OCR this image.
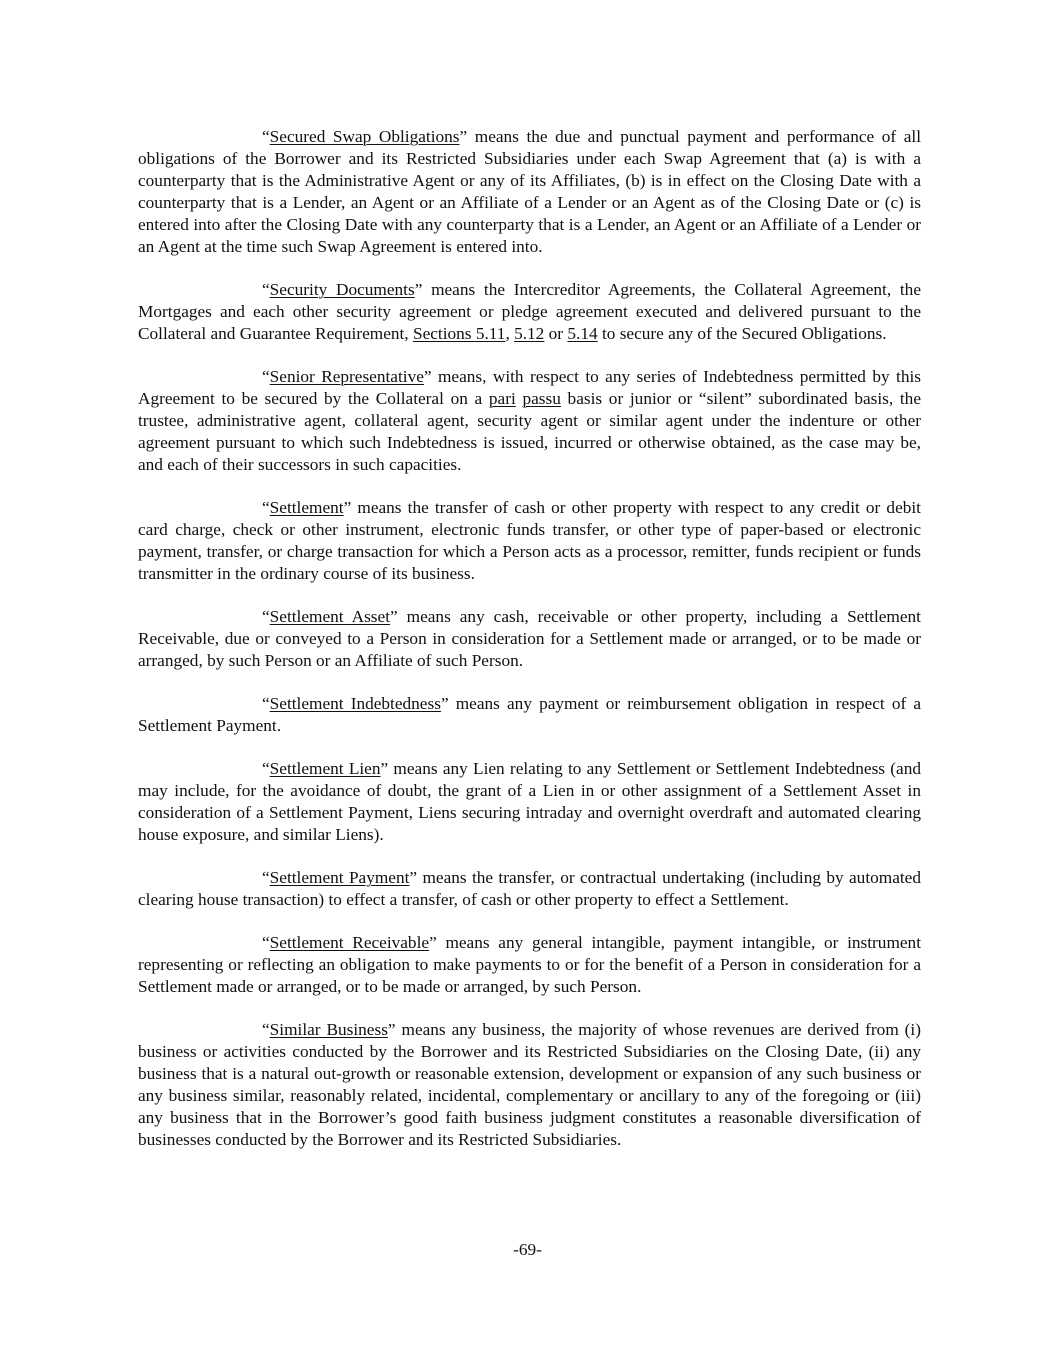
“Secured Swap Obligations” means the due and punctual payment and performance of all obligations of the Borrower and its Restricted Subsidiaries under each Swap Agreement that (a) is with a counterparty that is the Administrative Agent or any of its Affiliates, (b) is in effect on the Closing Date with a counterparty that is a Lender, an Agent or an Affiliate of a Lender or an Agent as of the Closing Date or (c) is entered into after the Closing Date with any counterparty that is a Lender, an Agent or an Affiliate of a Lender or an Agent at the time such Swap Agreement is entered into.

“Security Documents” means the Intercreditor Agreements, the Collateral Agreement, the Mortgages and each other security agreement or pledge agreement executed and delivered pursuant to the Collateral and Guarantee Requirement, Sections 5.11, 5.12 or 5.14 to secure any of the Secured Obligations.

“Senior Representative” means, with respect to any series of Indebtedness permitted by this Agreement to be secured by the Collateral on a pari passu basis or junior or “silent” subordinated basis, the trustee, administrative agent, collateral agent, security agent or similar agent under the indenture or other agreement pursuant to which such Indebtedness is issued, incurred or otherwise obtained, as the case may be, and each of their successors in such capacities.

“Settlement” means the transfer of cash or other property with respect to any credit or debit card charge, check or other instrument, electronic funds transfer, or other type of paper-based or electronic payment, transfer, or charge transaction for which a Person acts as a processor, remitter, funds recipient or funds transmitter in the ordinary course of its business.

“Settlement Asset” means any cash, receivable or other property, including a Settlement Receivable, due or conveyed to a Person in consideration for a Settlement made or arranged, or to be made or arranged, by such Person or an Affiliate of such Person.

“Settlement Indebtedness” means any payment or reimbursement obligation in respect of a Settlement Payment.

“Settlement Lien” means any Lien relating to any Settlement or Settlement Indebtedness (and may include, for the avoidance of doubt, the grant of a Lien in or other assignment of a Settlement Asset in consideration of a Settlement Payment, Liens securing intraday and overnight overdraft and automated clearing house exposure, and similar Liens).

“Settlement Payment” means the transfer, or contractual undertaking (including by automated clearing house transaction) to effect a transfer, of cash or other property to effect a Settlement.

“Settlement Receivable” means any general intangible, payment intangible, or instrument representing or reflecting an obligation to make payments to or for the benefit of a Person in consideration for a Settlement made or arranged, or to be made or arranged, by such Person.

“Similar Business” means any business, the majority of whose revenues are derived from (i) business or activities conducted by the Borrower and its Restricted Subsidiaries on the Closing Date, (ii) any business that is a natural out-growth or reasonable extension, development or expansion of any such business or any business similar, reasonably related, incidental, complementary or ancillary to any of the foregoing or (iii) any business that in the Borrower’s good faith business judgment constitutes a reasonable diversification of businesses conducted by the Borrower and its Restricted Subsidiaries.

-69-
